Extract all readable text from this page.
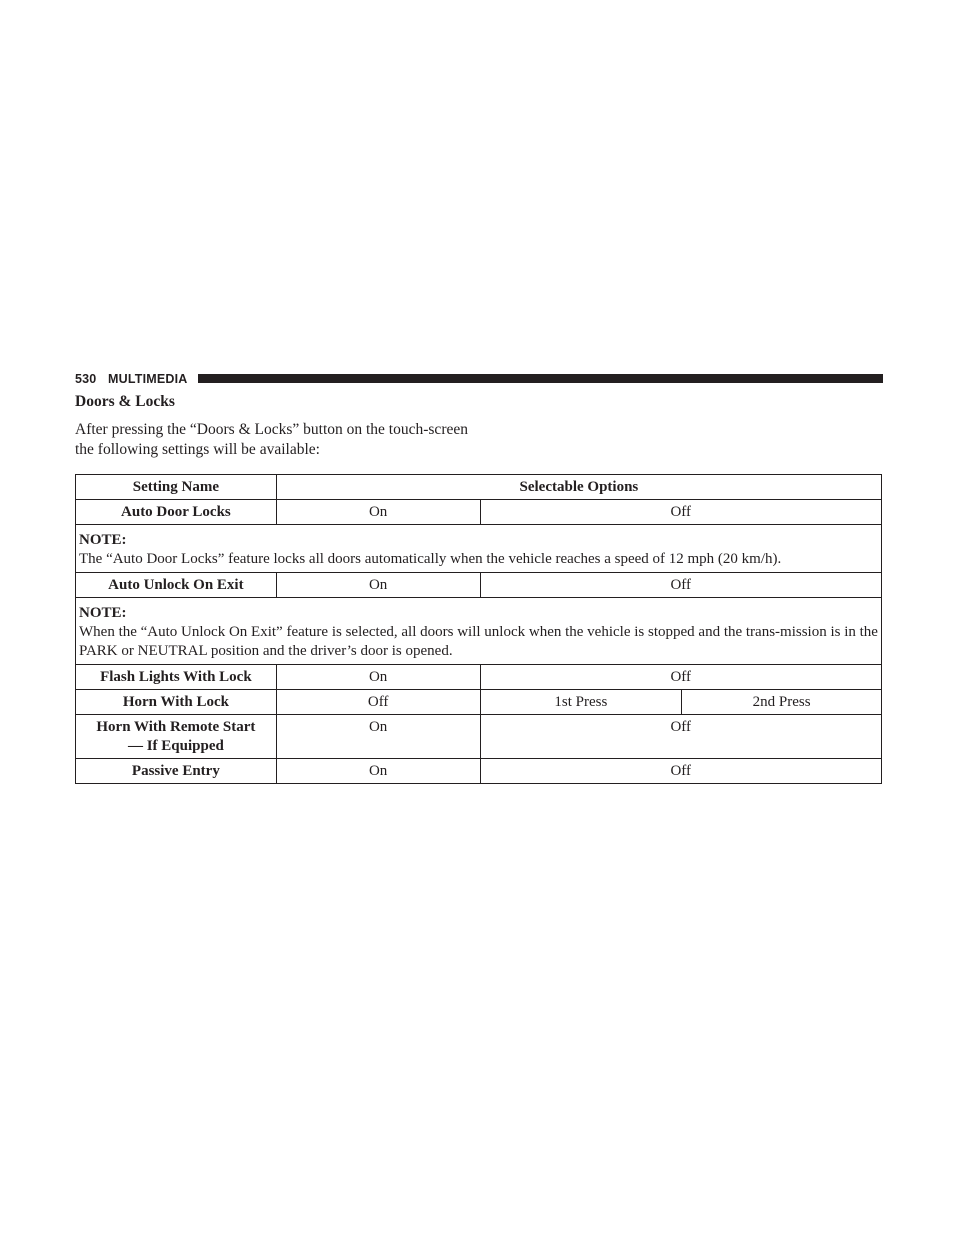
530 MULTIMEDIA
Doors & Locks

After pressing the “Doors & Locks” button on the touch-screen the following settings will be available:

Setting Name	Selectable Options		
Auto Door Locks	On	Off	

NOTE:
The “Auto Door Locks” feature locks all doors automatically when the vehicle reaches a speed of 12 mph (20 km/h).			

Auto Unlock On Exit	On	Off	

NOTE:
When the “Auto Unlock On Exit” feature is selected, all doors will unlock when the vehicle is stopped and the trans-mission is in the PARK or NEUTRAL position and the driver’s door is opened.			

Flash Lights With Lock	On	Off	
Horn With Lock	Off	1st Press	2nd Press

Horn With Remote Start
— If Equipped	On	Off	
Passive Entry	On	Off	
